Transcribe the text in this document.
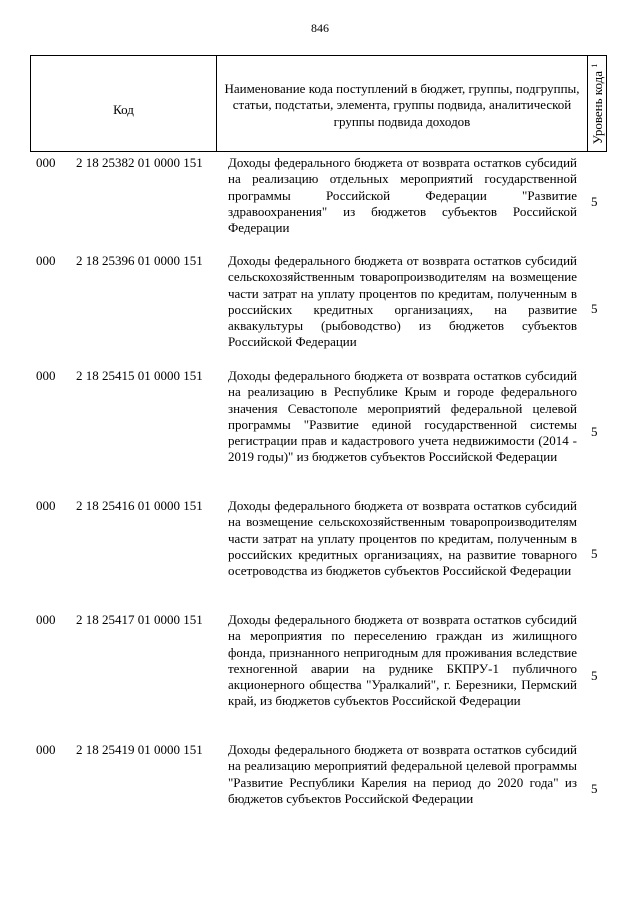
846
Код
Наименование кода поступлений в бюджет, группы, подгруппы, статьи, подстатьи, элемента, группы подвида, аналитической группы подвида доходов	Уровень кода $^1$
000 2 18 25382 01 0000 151 Доходы федерального бюджета от возврата остатков субсидий на реализацию отдельных мероприятий государственной программы Российской Федерации "Развитие здравоохранения" из бюджетов субъектов Российской Федерации
5
000 2 18 25396 01 0000 151 Доходы федерального бюджета от возврата остатков субсидий сельскохозяйственным товаропроизводителям на возмещение части затрат на уплату процентов по кредитам, полученным в российских кредитных организациях, на развитие аквакультуры (рыбоводство) из бюджетов субъектов Российской Федерации
5
000 2 18 25415 01 0000 151 Доходы федерального бюджета от возврата остатков субсидий на реализацию в Республике Крым и городе федерального значения Севастополе мероприятий федеральной целевой программы "Развитие единой государственной системы регистрации прав и кадастрового учета недвижимости (2014 - 2019 годы)" из бюджетов субъектов Российской Федерации
5
000 2 18 25416 01 0000 151 Доходы федерального бюджета от возврата остатков субсидий на возмещение сельскохозяйственным товаропроизводителям части затрат на уплату процентов по кредитам, полученным в российских кредитных организациях, на развитие товарного осетроводства из бюджетов субъектов Российской Федерации
5
000 2 18 25417 01 0000 151 Доходы федерального бюджета от возврата остатков субсидий на мероприятия по переселению граждан из жилищного фонда, признанного непригодным для проживания вследствие техногенной аварии на руднике БКПРУ-1 публичного акционерного общества "Уралкалий", г. Березники, Пермский край, из бюджетов субъектов Российской Федерации
5
000 2 18 25419 01 0000 151 Доходы федерального бюджета от возврата остатков субсидий на реализацию мероприятий федеральной целевой программы "Развитие Республики Карелия на период до 2020 года" из бюджетов субъектов Российской Федерации
5
